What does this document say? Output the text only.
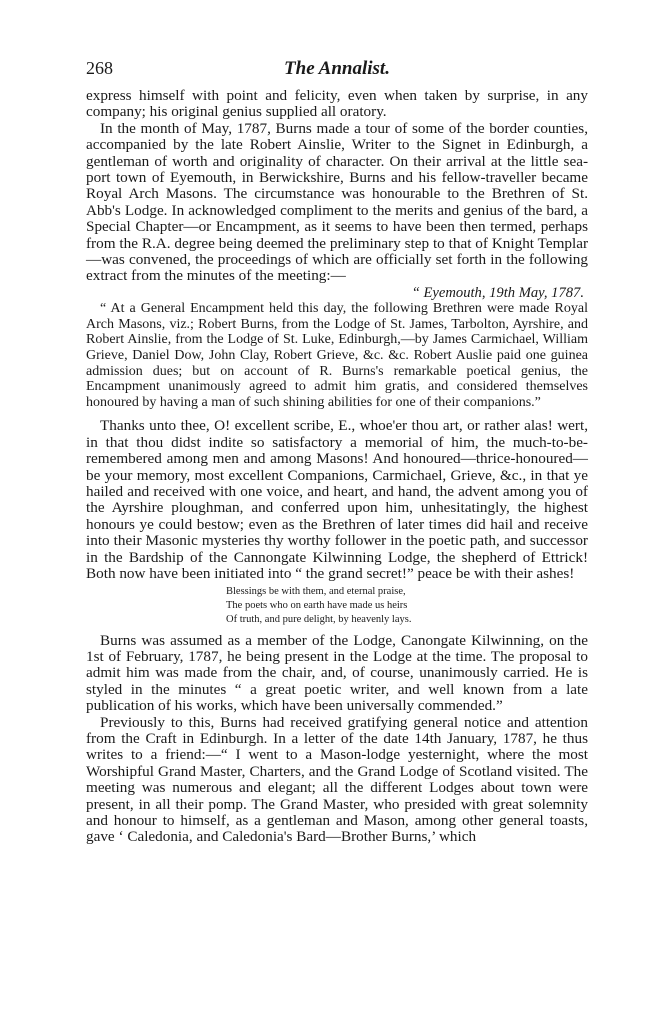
268	The Annalist.

express himself with point and felicity, even when taken by surprise, in any company; his original genius supplied all oratory.

In the month of May, 1787, Burns made a tour of some of the border counties, accompanied by the late Robert Ainslie, Writer to the Signet in Edinburgh, a gentleman of worth and originality of character. On their arrival at the little sea-port town of Eyemouth, in Berwickshire, Burns and his fellow-traveller became Royal Arch Masons. The circumstance was honourable to the Brethren of St. Abb's Lodge. In acknowledged compliment to the merits and genius of the bard, a Special Chapter—or Encampment, as it seems to have been then termed, perhaps from the R.A. degree being deemed the preliminary step to that of Knight Templar—was convened, the proceedings of which are officially set forth in the following extract from the minutes of the meeting:—

“ Eyemouth, 19th May, 1787.

“ At a General Encampment held this day, the following Brethren were made Royal Arch Masons, viz.; Robert Burns, from the Lodge of St. James, Tarbolton, Ayrshire, and Robert Ainslie, from the Lodge of St. Luke, Edinburgh,—by James Carmichael, William Grieve, Daniel Dow, John Clay, Robert Grieve, &c. &c. Robert Auslie paid one guinea admission dues; but on account of R. Burns's remarkable poetical genius, the Encampment unanimously agreed to admit him gratis, and considered themselves honoured by having a man of such shining abilities for one of their companions.”

Thanks unto thee, O! excellent scribe, E., whoe'er thou art, or rather alas! wert, in that thou didst indite so satisfactory a memorial of him, the much-to-be-remembered among men and among Masons! And honoured—thrice-honoured—be your memory, most excellent Companions, Carmichael, Grieve, &c., in that ye hailed and received with one voice, and heart, and hand, the advent among you of the Ayrshire ploughman, and conferred upon him, unhesitatingly, the highest honours ye could bestow; even as the Brethren of later times did hail and receive into their Masonic mysteries thy worthy follower in the poetic path, and successor in the Bardship of the Cannongate Kilwinning Lodge, the shepherd of Ettrick! Both now have been initiated into “ the grand secret!” peace be with their ashes!

Blessings be with them, and eternal praise,
The poets who on earth have made us heirs
Of truth, and pure delight, by heavenly lays.

Burns was assumed as a member of the Lodge, Canongate Kilwinning, on the 1st of February, 1787, he being present in the Lodge at the time. The proposal to admit him was made from the chair, and, of course, unanimously carried. He is styled in the minutes “ a great poetic writer, and well known from a late publication of his works, which have been universally commended.”

Previously to this, Burns had received gratifying general notice and attention from the Craft in Edinburgh. In a letter of the date 14th January, 1787, he thus writes to a friend:—“ I went to a Mason-lodge yesternight, where the most Worshipful Grand Master, Charters, and the Grand Lodge of Scotland visited. The meeting was numerous and elegant; all the different Lodges about town were present, in all their pomp. The Grand Master, who presided with great solemnity and honour to himself, as a gentleman and Mason, among other general toasts, gave ‘ Caledonia, and Caledonia's Bard—Brother Burns,’ which
